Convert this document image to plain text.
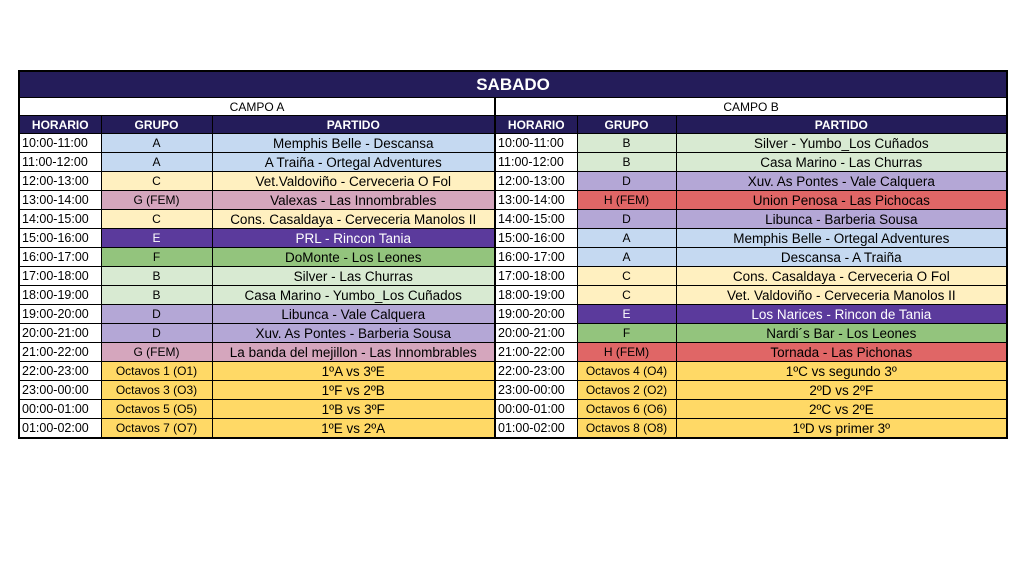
SABADO					
CAMPO A			CAMPO B		
HORARIO	GRUPO	PARTIDO	HORARIO	GRUPO	PARTIDO
10:00-11:00	A	Memphis Belle - Descansa	10:00-11:00	B	Silver - Yumbo_Los Cuñados
11:00-12:00	A	A Traiña - Ortegal Adventures	11:00-12:00	B	Casa Marino - Las Churras
12:00-13:00	C	Vet.Valdoviño - Cerveceria O Fol	12:00-13:00	D	Xuv. As Pontes - Vale Calquera
13:00-14:00	G (FEM)	Valexas - Las Innombrables	13:00-14:00	H (FEM)	Union Penosa - Las Pichocas
14:00-15:00	C	Cons. Casaldaya - Cerveceria Manolos II	14:00-15:00	D	Libunca - Barberia Sousa
15:00-16:00	E	PRL - Rincon Tania	15:00-16:00	A	Memphis Belle - Ortegal Adventures
16:00-17:00	F	DoMonte - Los Leones	16:00-17:00	A	Descansa - A Traiña
17:00-18:00	B	Silver - Las Churras	17:00-18:00	C	Cons. Casaldaya - Cerveceria O Fol
18:00-19:00	B	Casa Marino - Yumbo_Los Cuñados	18:00-19:00	C	Vet. Valdoviño - Cerveceria Manolos II
19:00-20:00	D	Libunca - Vale Calquera	19:00-20:00	E	Los Narices - Rincon de Tania
20:00-21:00	D	Xuv. As Pontes - Barberia Sousa	20:00-21:00	F	Nardi´s Bar - Los Leones
21:00-22:00	G (FEM)	La banda del mejillon - Las Innombrables	21:00-22:00	H (FEM)	Tornada - Las Pichonas
22:00-23:00	Octavos 1 (O1)	1ºA vs 3ºE	22:00-23:00	Octavos 4 (O4)	1ºC vs segundo 3º
23:00-00:00	Octavos 3 (O3)	1ºF vs 2ºB	23:00-00:00	Octavos 2 (O2)	2ºD vs 2ºF
00:00-01:00	Octavos 5 (O5)	1ºB vs 3ºF	00:00-01:00	Octavos 6 (O6)	2ºC vs 2ºE
01:00-02:00	Octavos 7 (O7)	1ºE vs 2ºA	01:00-02:00	Octavos 8 (O8)	1ºD vs primer 3º
